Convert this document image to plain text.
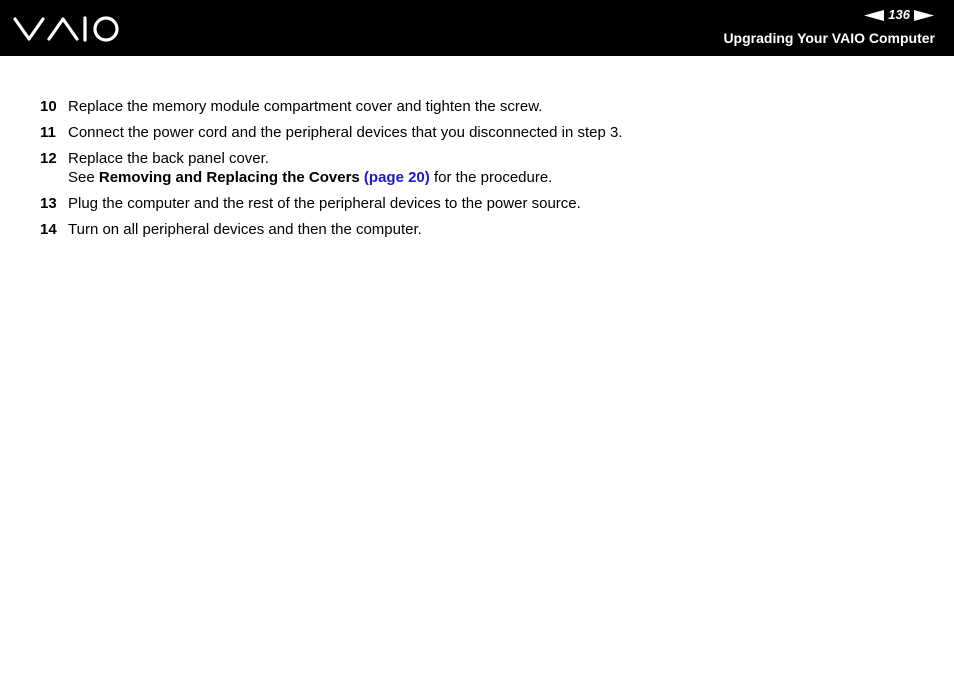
136
Upgrading Your VAIO Computer
10 Replace the memory module compartment cover and tighten the screw.
11 Connect the power cord and the peripheral devices that you disconnected in step 3.
12 Replace the back panel cover.
See Removing and Replacing the Covers (page 20) for the procedure.
13 Plug the computer and the rest of the peripheral devices to the power source.
14 Turn on all peripheral devices and then the computer.
